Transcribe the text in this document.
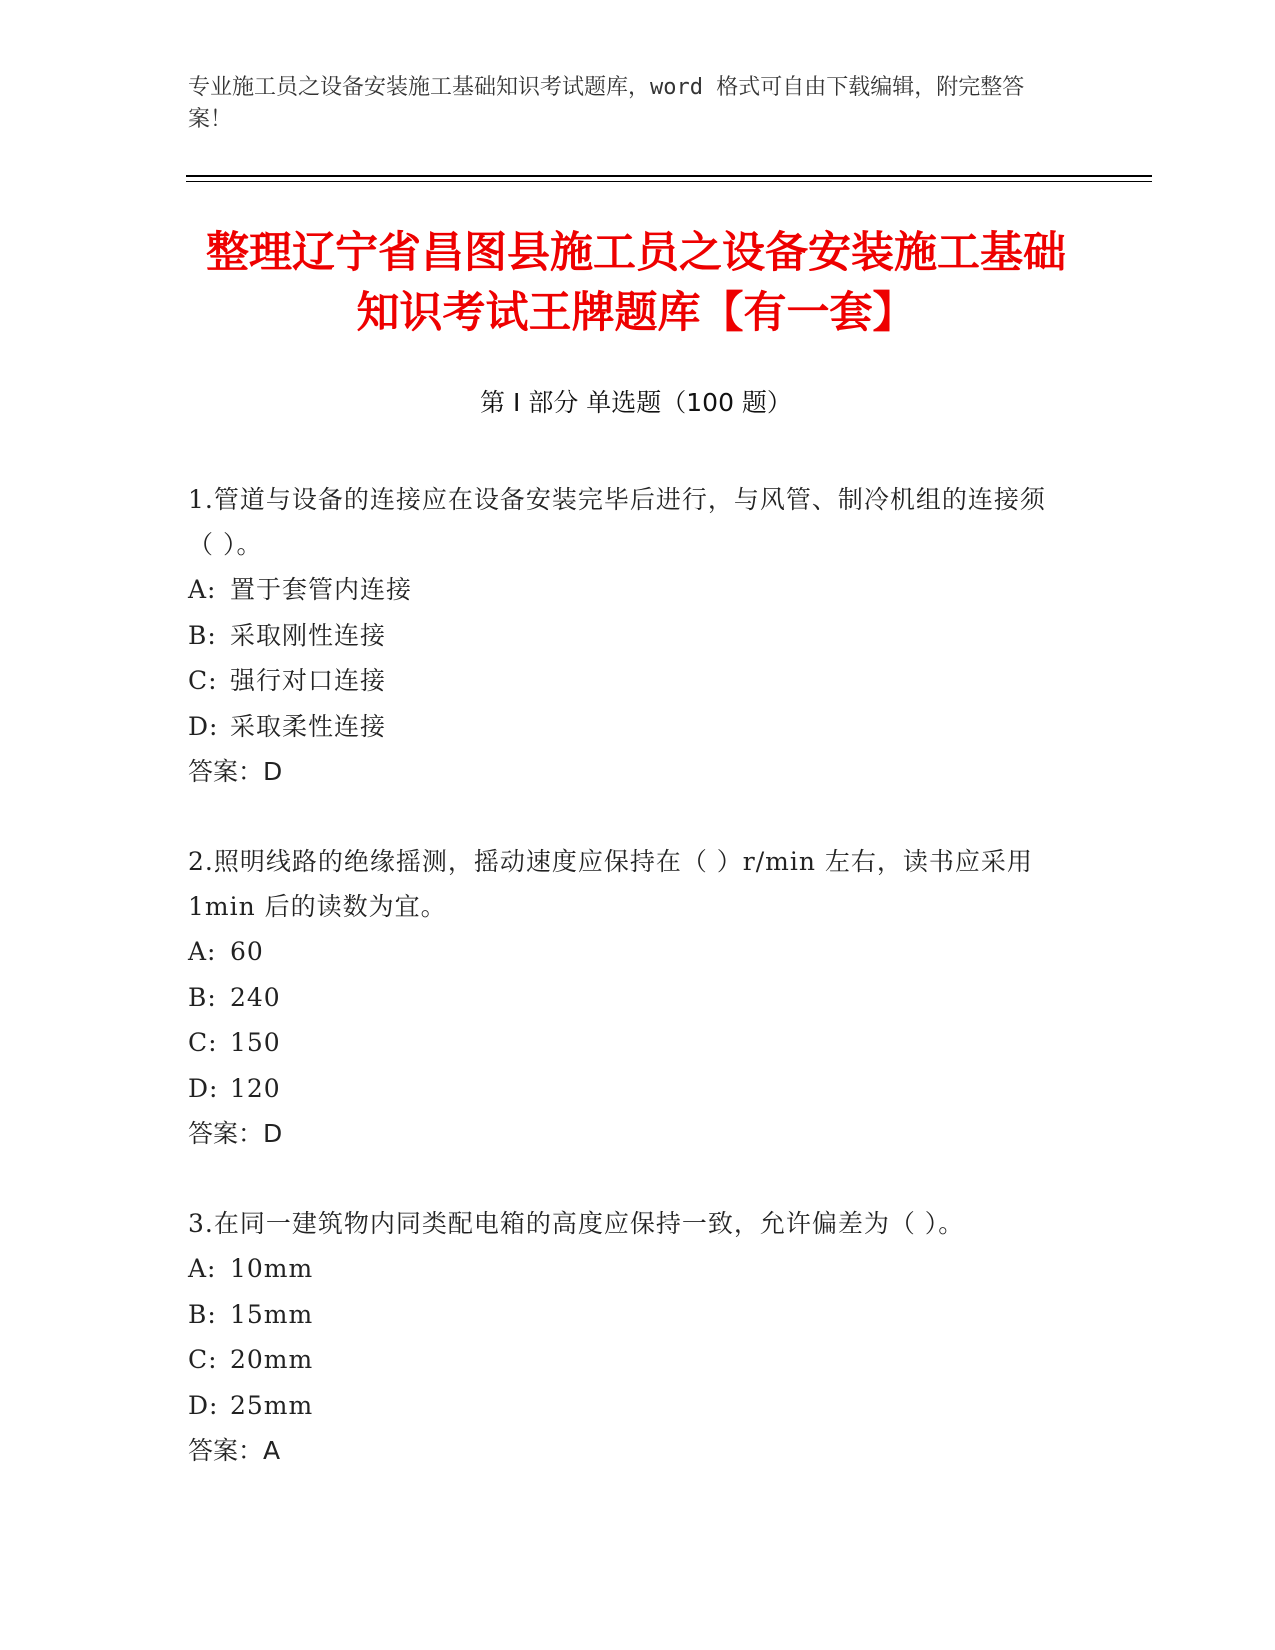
专业施工员之设备安装施工基础知识考试题库，word 格式可自由下载编辑，附完整答案！
整理辽宁省昌图县施工员之设备安装施工基础知识考试王牌题库【有一套】
第 I 部分 单选题（100 题）

1.管道与设备的连接应在设备安装完毕后进行，与风管、制冷机组的连接须（ ）。

A: 置于套管内连接

B: 采取刚性连接

C: 强行对口连接

D: 采取柔性连接

答案：D

2.照明线路的绝缘摇测，摇动速度应保持在（ ）r/min 左右，读书应采用 1min 后的读数为宜。

A: 60

B: 240

C: 150

D: 120

答案：D

3.在同一建筑物内同类配电箱的高度应保持一致，允许偏差为（ ）。

A: 10mm

B: 15mm

C: 20mm

D: 25mm

答案：A
